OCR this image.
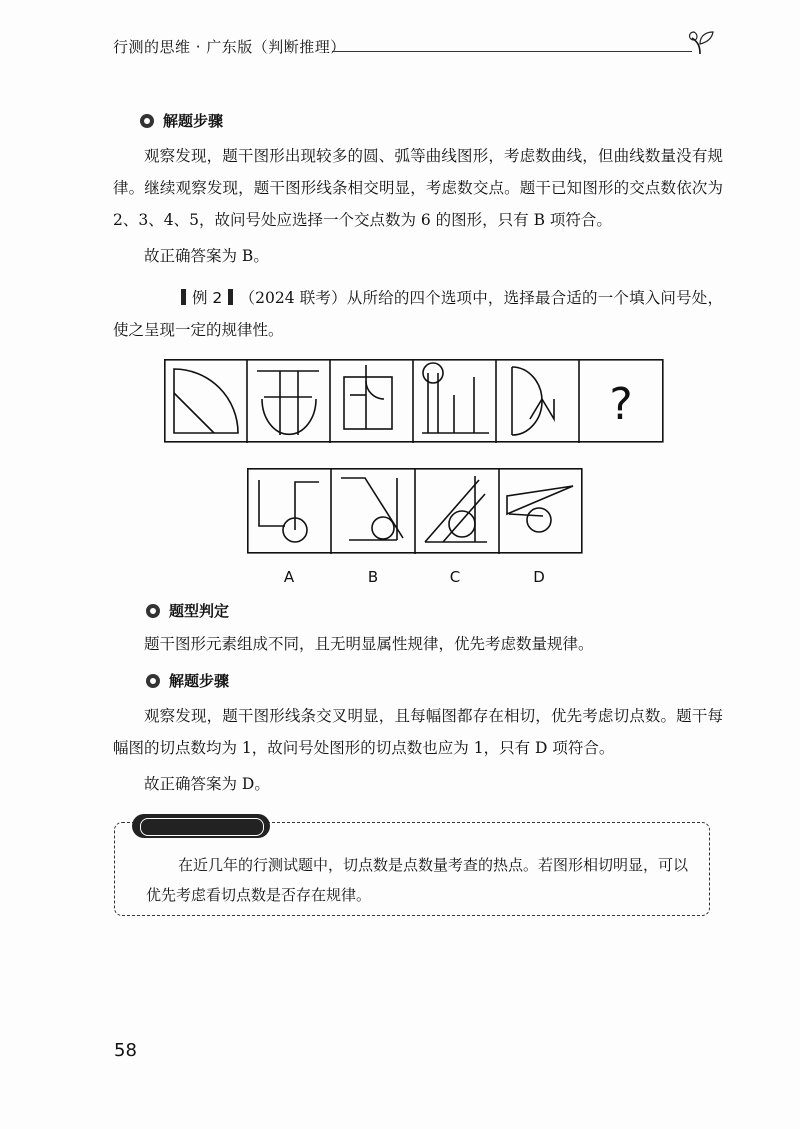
行测的思维 · 广东版（判断推理）
解题步骤
观察发现，题干图形出现较多的圆、弧等曲线图形，考虑数曲线，但曲线数量没有规律。继续观察发现，题干图形线条相交明显，考虑数交点。题干已知图形的交点数依次为 2、3、4、5，故问号处应选择一个交点数为 6 的图形，只有 B 项符合。
故正确答案为 B。
例 2 （2024 联考）从所给的四个选项中，选择最合适的一个填入问号处，使之呈现一定的规律性。
?
A	B	C	D
题型判定
题干图形元素组成不同，且无明显属性规律，优先考虑数量规律。
解题步骤
观察发现，题干图形线条交叉明显，且每幅图都存在相切，优先考虑切点数。题干每幅图的切点数均为 1，故问号处图形的切点数也应为 1，只有 D 项符合。
故正确答案为 D。
在近几年的行测试题中，切点数是点数量考查的热点。若图形相切明显，可以优先考虑看切点数是否存在规律。
58
